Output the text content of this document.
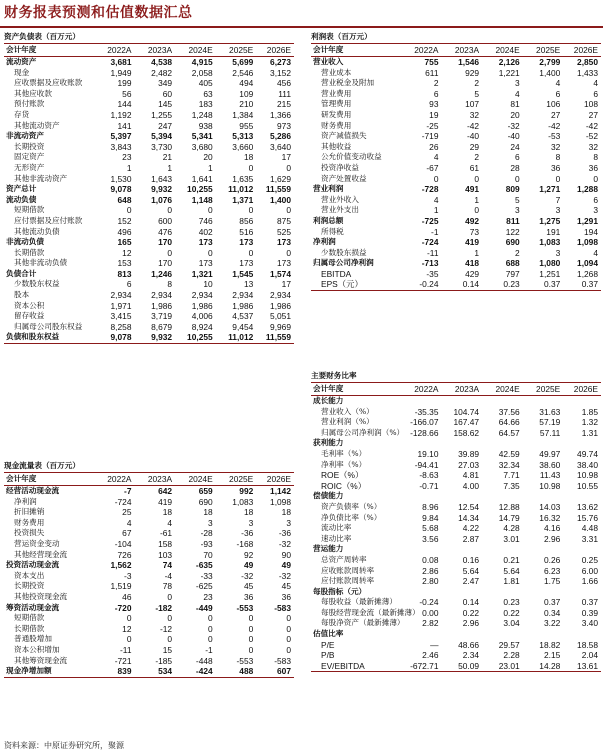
财务报表预测和估值数据汇总
资产负债表（百万元）					
会计年度	2022A	2023A	2024E	2025E	2026E
流动资产	3,681	4,538	4,915	5,699	6,273
现金	1,949	2,482	2,058	2,546	3,152
应收票据及应收账款	199	349	405	494	456
其他应收款	56	60	63	109	111
预付账款	144	145	183	210	215
存货	1,192	1,255	1,248	1,384	1,366
其他流动资产	141	247	938	955	973
非流动资产	5,397	5,394	5,341	5,313	5,286
长期投资	3,843	3,730	3,680	3,660	3,640
固定资产	23	21	20	18	17
无形资产	1	1	1	0	0
其他非流动资产	1,530	1,643	1,641	1,635	1,629
资产总计	9,078	9,932	10,255	11,012	11,559
流动负债	648	1,076	1,148	1,371	1,400
短期借款	0	0	0	0	0
应付票据及应付账款	152	600	746	856	875
其他流动负债	496	476	402	516	525
非流动负债	165	170	173	173	173
长期借款	12	0	0	0	0
其他非流动负债	153	170	173	173	173
负债合计	813	1,246	1,321	1,545	1,574
少数股东权益	6	8	10	13	17
股本	2,934	2,934	2,934	2,934	2,934
资本公积	1,971	1,986	1,986	1,986	1,986
留存收益	3,415	3,719	4,006	4,537	5,051
归属母公司股东权益	8,258	8,679	8,924	9,454	9,969
负债和股东权益	9,078	9,932	10,255	11,012	11,559
现金流量表（百万元）					
会计年度	2022A	2023A	2024E	2025E	2026E
经营活动现金流	-7	642	659	992	1,142
净利润	-724	419	690	1,083	1,098
折旧摊销	25	18	18	18	18
财务费用	4	4	3	3	3
投资损失	67	-61	-28	-36	-36
营运资金变动	-104	158	-93	-168	-32
其他经营现金流	726	103	70	92	90
投资活动现金流	1,562	74	-635	49	49
资本支出	-3	-4	-33	-32	-32
长期投资	1,519	78	-625	45	45
其他投资现金流	46	0	23	36	36
筹资活动现金流	-720	-182	-449	-553	-583
短期借款	0	0	0	0	0
长期借款	12	-12	0	0	0
普通股增加	0	0	0	0	0
资本公积增加	-11	15	-1	0	0
其他筹资现金流	-721	-185	-448	-553	-583
现金净增加额	839	534	-424	488	607
利润表（百万元）					
会计年度	2022A	2023A	2024E	2025E	2026E
营业收入	755	1,546	2,126	2,799	2,850
营业成本	611	929	1,221	1,400	1,433
营业税金及附加	2	2	3	4	4
营业费用	6	5	4	6	6
管理费用	93	107	81	106	108
研发费用	19	32	20	27	27
财务费用	-25	-42	-32	-42	-42
资产减值损失	-719	-40	-40	-53	-52
其他收益	26	29	24	32	32
公允价值变动收益	4	2	6	8	8
投资净收益	-67	61	28	36	36
资产处置收益	0	0	0	0	0
营业利润	-728	491	809	1,271	1,288
营业外收入	4	1	5	7	6
营业外支出	1	0	3	3	3
利润总额	-725	492	811	1,275	1,291
所得税	-1	73	122	191	194
净利润	-724	419	690	1,083	1,098
少数股东损益	-11	1	2	3	4
归属母公司净利润	-713	418	688	1,080	1,094
EBITDA	-35	429	797	1,251	1,268
EPS（元）	-0.24	0.14	0.23	0.37	0.37
主要财务比率					
会计年度	2022A	2023A	2024E	2025E	2026E
成长能力					
营业收入（%）	-35.35	104.74	37.56	31.63	1.85
营业利润（%）	-166.07	167.47	64.66	57.19	1.32
归属母公司净利润（%）	-128.66	158.62	64.57	57.11	1.31
获利能力					
毛利率（%）	19.10	39.89	42.59	49.97	49.74
净利率（%）	-94.41	27.03	32.34	38.60	38.40
ROE（%）	-8.63	4.81	7.71	11.43	10.98
ROIC（%）	-0.71	4.00	7.35	10.98	10.55
偿债能力					
资产负债率（%）	8.96	12.54	12.88	14.03	13.62
净负债比率（%）	9.84	14.34	14.79	16.32	15.76
流动比率	5.68	4.22	4.28	4.16	4.48
速动比率	3.56	2.87	3.01	2.96	3.31
营运能力					
总资产周转率	0.08	0.16	0.21	0.26	0.25
应收账款周转率	2.86	5.64	5.64	6.23	6.00
应付账款周转率	2.80	2.47	1.81	1.75	1.66
每股指标（元）					
每股收益（最新摊薄）	-0.24	0.14	0.23	0.37	0.37
每股经营现金流（最新摊薄）	0.00	0.22	0.22	0.34	0.39
每股净资产（最新摊薄）	2.82	2.96	3.04	3.22	3.40
估值比率					
P/E	—	48.66	29.57	18.82	18.58
P/B	2.46	2.34	2.28	2.15	2.04
EV/EBITDA	-672.71	50.09	23.01	14.28	13.61
资料来源：中原证券研究所，聚源
